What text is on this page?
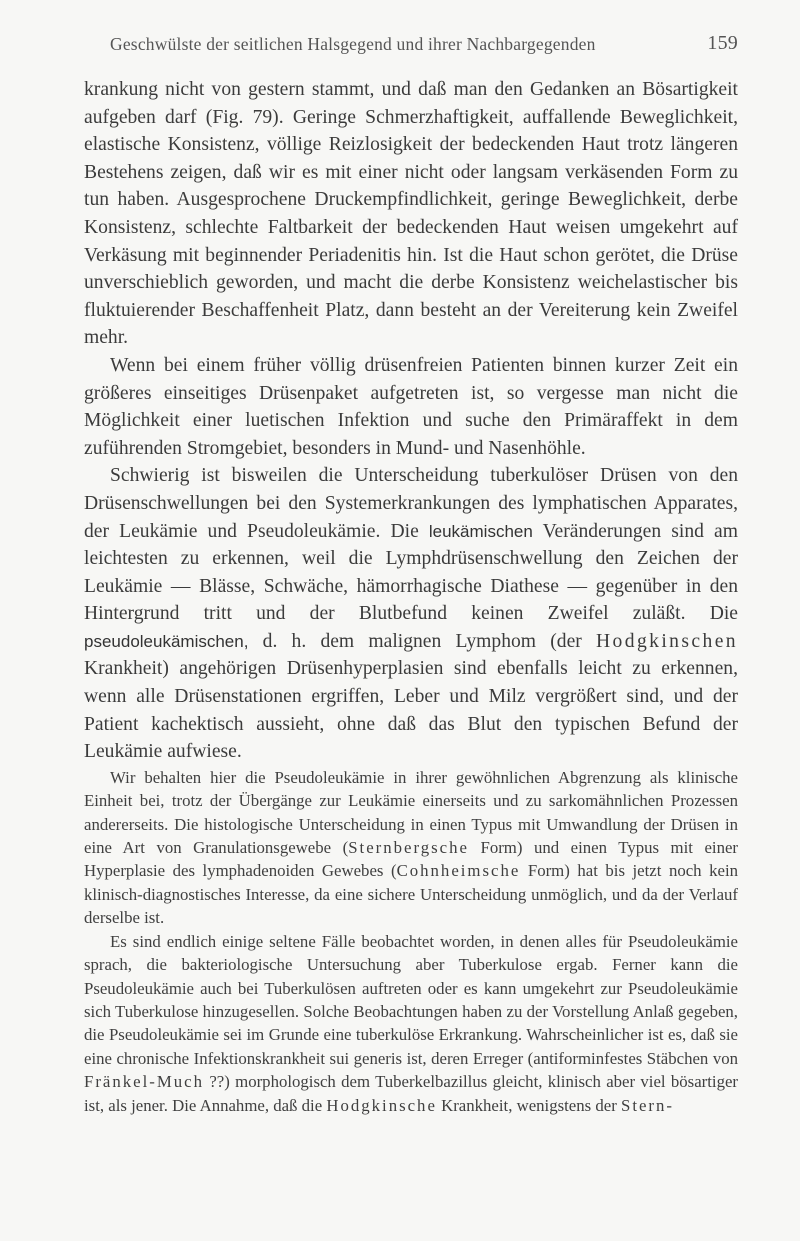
Geschwülste der seitlichen Halsgegend und ihrer Nachbargegenden	159

krankung nicht von gestern stammt, und daß man den Gedanken an Bösartigkeit aufgeben darf (Fig. 79). Geringe Schmerzhaftigkeit, auffallende Beweglichkeit, elastische Konsistenz, völlige Reizlosigkeit der bedeckenden Haut trotz längeren Bestehens zeigen, daß wir es mit einer nicht oder langsam verkäsenden Form zu tun haben. Ausgesprochene Druckempfindlichkeit, geringe Beweglichkeit, derbe Konsistenz, schlechte Faltbarkeit der bedeckenden Haut weisen umgekehrt auf Verkäsung mit beginnender Periadenitis hin. Ist die Haut schon gerötet, die Drüse unverschieblich geworden, und macht die derbe Konsistenz weichelastischer bis fluktuierender Beschaffenheit Platz, dann besteht an der Vereiterung kein Zweifel mehr.

Wenn bei einem früher völlig drüsenfreien Patienten binnen kurzer Zeit ein größeres einseitiges Drüsenpaket aufgetreten ist, so vergesse man nicht die Möglichkeit einer luetischen Infektion und suche den Primäraffekt in dem zuführenden Stromgebiet, besonders in Mund- und Nasenhöhle.

Schwierig ist bisweilen die Unterscheidung tuberkulöser Drüsen von den Drüsenschwellungen bei den Systemerkrankungen des lymphatischen Apparates, der Leukämie und Pseudoleukämie. Die leukämischen Veränderungen sind am leichtesten zu erkennen, weil die Lymphdrüsenschwellung den Zeichen der Leukämie — Blässe, Schwäche, hämorrhagische Diathese — gegenüber in den Hintergrund tritt und der Blutbefund keinen Zweifel zuläßt. Die pseudoleukämischen, d. h. dem malignen Lymphom (der Hodgkinschen Krankheit) angehörigen Drüsenhyperplasien sind ebenfalls leicht zu erkennen, wenn alle Drüsenstationen ergriffen, Leber und Milz vergrößert sind, und der Patient kachektisch aussieht, ohne daß das Blut den typischen Befund der Leukämie aufwiese.

Wir behalten hier die Pseudoleukämie in ihrer gewöhnlichen Abgrenzung als klinische Einheit bei, trotz der Übergänge zur Leukämie einerseits und zu sarkomähnlichen Prozessen andererseits. Die histologische Unterscheidung in einen Typus mit Umwandlung der Drüsen in eine Art von Granulationsgewebe (Sternbergsche Form) und einen Typus mit einer Hyperplasie des lymphadenoiden Gewebes (Cohnheimsche Form) hat bis jetzt noch kein klinisch-diagnostisches Interesse, da eine sichere Unterscheidung unmöglich, und da der Verlauf derselbe ist.

Es sind endlich einige seltene Fälle beobachtet worden, in denen alles für Pseudoleukämie sprach, die bakteriologische Untersuchung aber Tuberkulose ergab. Ferner kann die Pseudoleukämie auch bei Tuberkulösen auftreten oder es kann umgekehrt zur Pseudoleukämie sich Tuberkulose hinzugesellen. Solche Beobachtungen haben zu der Vorstellung Anlaß gegeben, die Pseudoleukämie sei im Grunde eine tuberkulöse Erkrankung. Wahrscheinlicher ist es, daß sie eine chronische Infektionskrankheit sui generis ist, deren Erreger (antiforminfestes Stäbchen von Fränkel-Much ??) morphologisch dem Tuberkelbazillus gleicht, klinisch aber viel bösartiger ist, als jener. Die Annahme, daß die Hodgkinsche Krankheit, wenigstens der Stern-
